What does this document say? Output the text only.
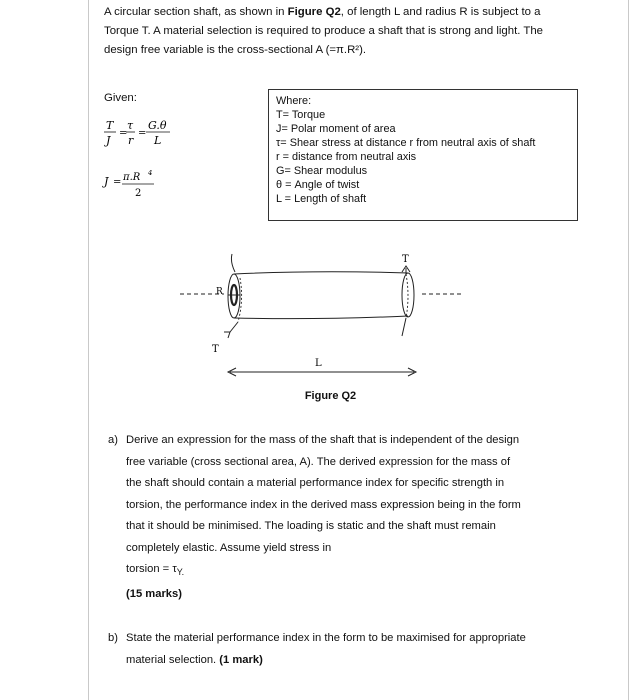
A circular section shaft, as shown in Figure Q2, of length L and radius R is subject to a Torque T. A material selection is required to produce a shaft that is strong and light. The design free variable is the cross-sectional A (=π.R²).

Given:
T
J
=
τ
r
=
G.θ
L
J = π.R 4
2
Where:
T= Torque
J= Polar moment of area
τ= Shear stress at distance r from neutral axis of shaft
r = distance from neutral axis
G= Shear modulus
θ = Angle of twist
L = Length of shaft
R
T
T
L
Figure Q2
a) Derive an expression for the mass of the shaft that is independent of the design free variable (cross sectional area, A). The derived expression for the mass of the shaft should contain a material performance index for specific strength in torsion, the performance index in the derived mass expression being in the form that it should be minimised. The loading is static and the shaft must remain completely elastic. Assume yield stress in
torsion = $\tau_{Y.}$
(15 marks)
b) State the material performance index in the form to be maximised for appropriate material selection. (1 mark)
